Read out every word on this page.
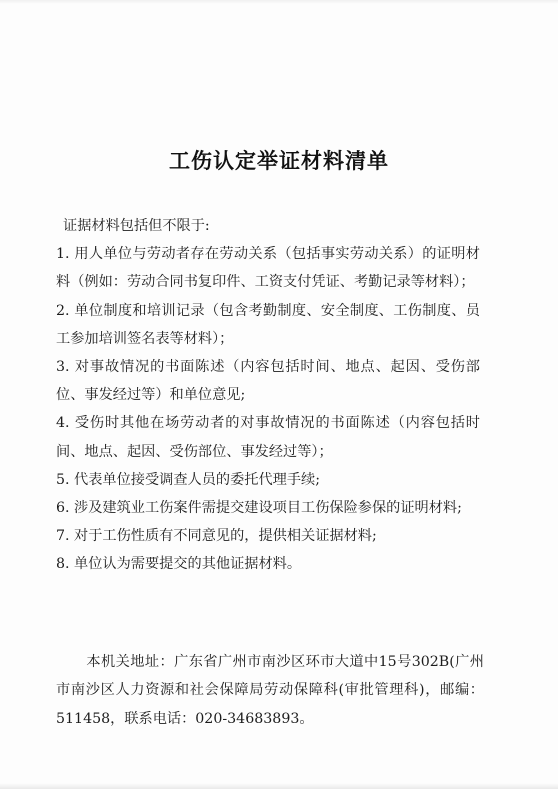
工伤认定举证材料清单

证据材料包括但不限于:

1. 用人单位与劳动者存在劳动关系（包括事实劳动关系）的证明材料（例如：劳动合同书复印件、工资支付凭证、考勤记录等材料）；

2. 单位制度和培训记录（包含考勤制度、安全制度、工伤制度、员工参加培训签名表等材料）；

3. 对事故情况的书面陈述（内容包括时间、地点、起因、受伤部位、事发经过等）和单位意见;

4. 受伤时其他在场劳动者的对事故情况的书面陈述（内容包括时间、地点、起因、受伤部位、事发经过等）；

5. 代表单位接受调查人员的委托代理手续;

6. 涉及建筑业工伤案件需提交建设项目工伤保险参保的证明材料;

7. 对于工伤性质有不同意见的，提供相关证据材料;

8. 单位认为需要提交的其他证据材料。

本机关地址：广东省广州市南沙区环市大道中15号302B(广州市南沙区人力资源和社会保障局劳动保障科(审批管理科)，邮编：511458，联系电话：020-34683893。
